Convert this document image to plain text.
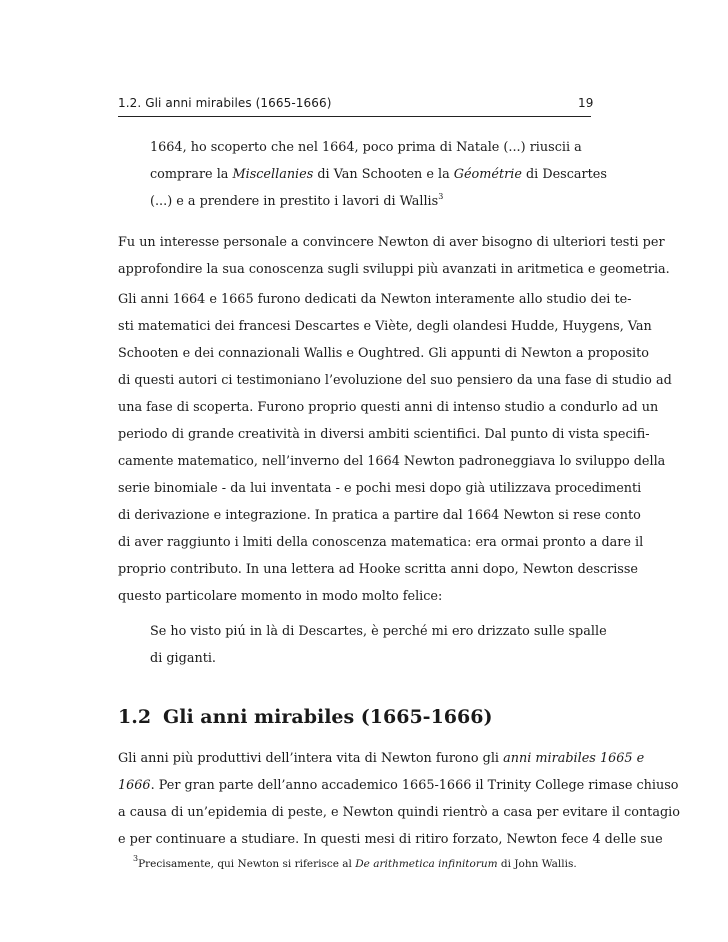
1.2. Gli anni mirabiles (1665-1666)	19
1664, ho scoperto che nel 1664, poco prima di Natale (...) riuscii a
comprare la Miscellanies di Van Schooten e la Géométrie di Descartes
(...) e a prendere in prestito i lavori di Wallis$^3$
Fu un interesse personale a convincere Newton di aver bisogno di ulteriori testi per
approfondire la sua conoscenza sugli sviluppi più avanzati in aritmetica e geometria.
Gli anni 1664 e 1665 furono dedicati da Newton interamente allo studio dei te-
sti matematici dei francesi Descartes e Viète, degli olandesi Hudde, Huygens, Van
Schooten e dei connazionali Wallis e Oughtred. Gli appunti di Newton a proposito
di questi autori ci testimoniano l’evoluzione del suo pensiero da una fase di studio ad
una fase di scoperta. Furono proprio questi anni di intenso studio a condurlo ad un
periodo di grande creatività in diversi ambiti scientifici. Dal punto di vista specifi-
camente matematico, nell’inverno del 1664 Newton padroneggiava lo sviluppo della
serie binomiale - da lui inventata - e pochi mesi dopo già utilizzava procedimenti
di derivazione e integrazione. In pratica a partire dal 1664 Newton si rese conto
di aver raggiunto i lmiti della conoscenza matematica: era ormai pronto a dare il
proprio contributo. In una lettera ad Hooke scritta anni dopo, Newton descrisse
questo particolare momento in modo molto felice:
Se ho visto piú in là di Descartes, è perché mi ero drizzato sulle spalle
di giganti.
1.2 Gli anni mirabiles (1665-1666)
Gli anni più produttivi dell’intera vita di Newton furono gli anni mirabiles 1665 e
1666. Per gran parte dell’anno accademico 1665-1666 il Trinity College rimase chiuso
a causa di un’epidemia di peste, e Newton quindi rientrò a casa per evitare il contagio
e per continuare a studiare. In questi mesi di ritiro forzato, Newton fece 4 delle sue
$^3$Precisamente, qui Newton si riferisce al De arithmetica infinitorum di John Wallis.
